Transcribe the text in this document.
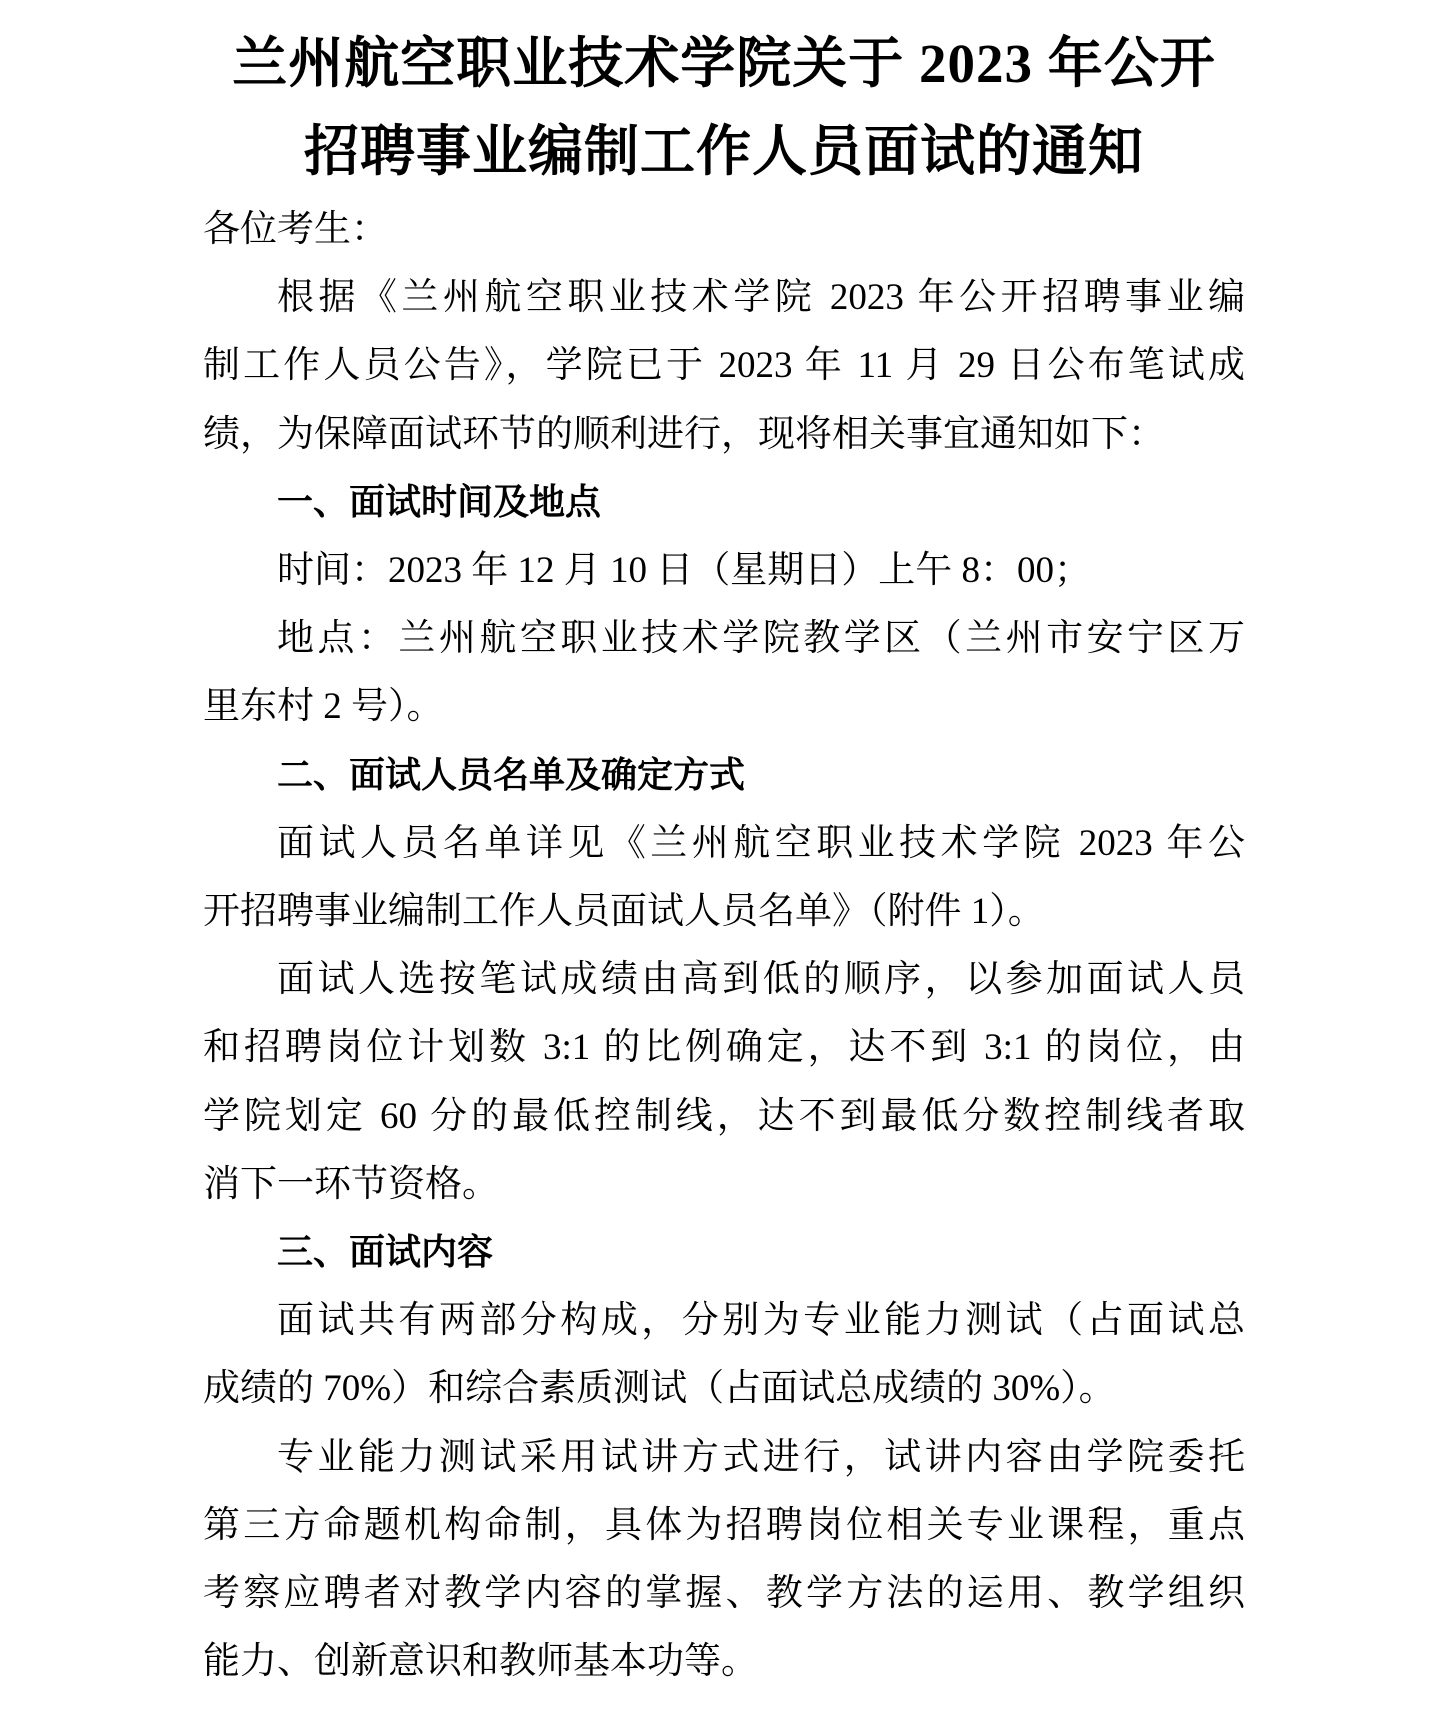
兰州航空职业技术学院关于 2023 年公开
招聘事业编制工作人员面试的通知
各位考生：
根据《兰州航空职业技术学院 2023 年公开招聘事业编
制工作人员公告》，学院已于 2023 年 11 月 29 日公布笔试成
绩，为保障面试环节的顺利进行，现将相关事宜通知如下：
一、面试时间及地点
时间：2023 年 12 月 10 日（星期日）上午 8：00；
地点：兰州航空职业技术学院教学区（兰州市安宁区万
里东村 2 号）。
二、面试人员名单及确定方式
面试人员名单详见《兰州航空职业技术学院 2023 年公
开招聘事业编制工作人员面试人员名单》（附件 1）。
面试人选按笔试成绩由高到低的顺序，以参加面试人员
和招聘岗位计划数 3:1 的比例确定，达不到 3:1 的岗位，由
学院划定 60 分的最低控制线，达不到最低分数控制线者取
消下一环节资格。
三、面试内容
面试共有两部分构成，分别为专业能力测试（占面试总
成绩的 70%）和综合素质测试（占面试总成绩的 30%）。
专业能力测试采用试讲方式进行，试讲内容由学院委托
第三方命题机构命制，具体为招聘岗位相关专业课程，重点
考察应聘者对教学内容的掌握、教学方法的运用、教学组织
能力、创新意识和教师基本功等。
